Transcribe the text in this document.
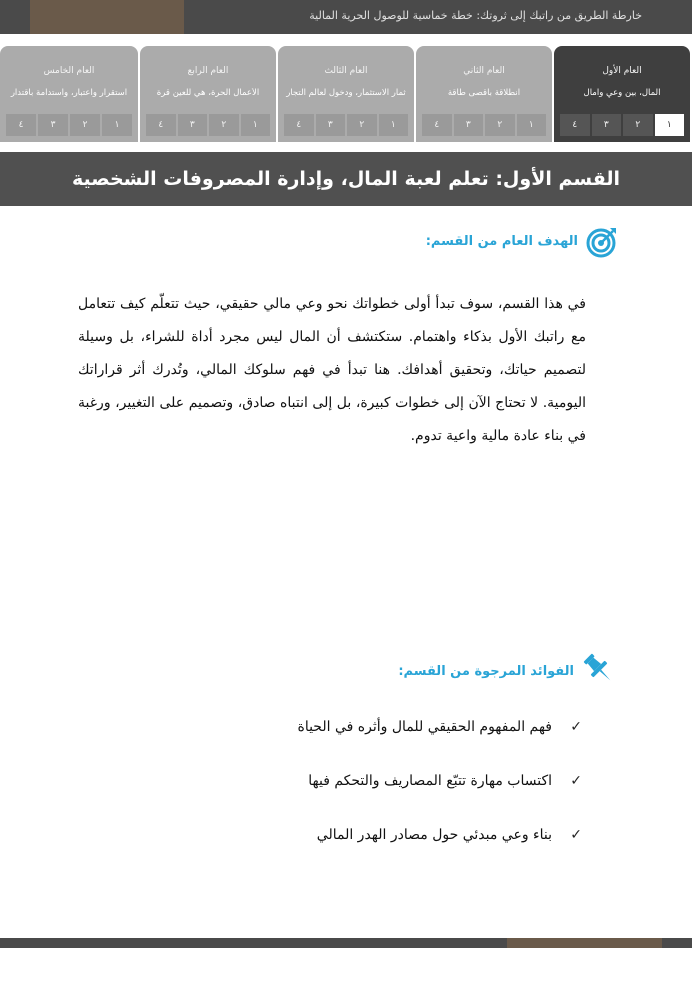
خارطة الطريق من راتبك إلى ثروتك: خطة خماسية للوصول الحرية المالية
العام الأول
المال، بين وعيٍ وآمال
١
٢
٣
٤
العام الثاني
انطلاقة بأقصى طاقة
١
٢
٣
٤
العام الثالث
ثمار الاستثمار، ودخول لعالم التجار
١
٢
٣
٤
العام الرابع
الأعمال الحرة، هي للعين قرة
١
٢
٣
٤
العام الخامس
استقرار واعتبار، واستدامة باقتدار
١
٢
٣
٤
القسم الأول: تعلم لعبة المال، وإدارة المصروفات الشخصية
الهدف العام من القسم:

في هذا القسم، سوف تبدأ أولى خطواتك نحو وعي مالي حقيقي، حيث تتعلّم كيف تتعامل مع راتبك الأول بذكاء واهتمام. ستكتشف أن المال ليس مجرد أداة للشراء، بل وسيلة لتصميم حياتك، وتحقيق أهدافك. هنا تبدأ في فهم سلوكك المالي، وتُدرك أثر قراراتك اليومية. لا تحتاج الآن إلى خطوات كبيرة، بل إلى انتباه صادق، وتصميم على التغيير، ورغبة في بناء عادة مالية واعية تدوم.

الفوائد المرجوة من القسم:
✓فهم المفهوم الحقيقي للمال وأثره في الحياة
✓اكتساب مهارة تتبّع المصاريف والتحكم فيها
✓بناء وعي مبدئي حول مصادر الهدر المالي
